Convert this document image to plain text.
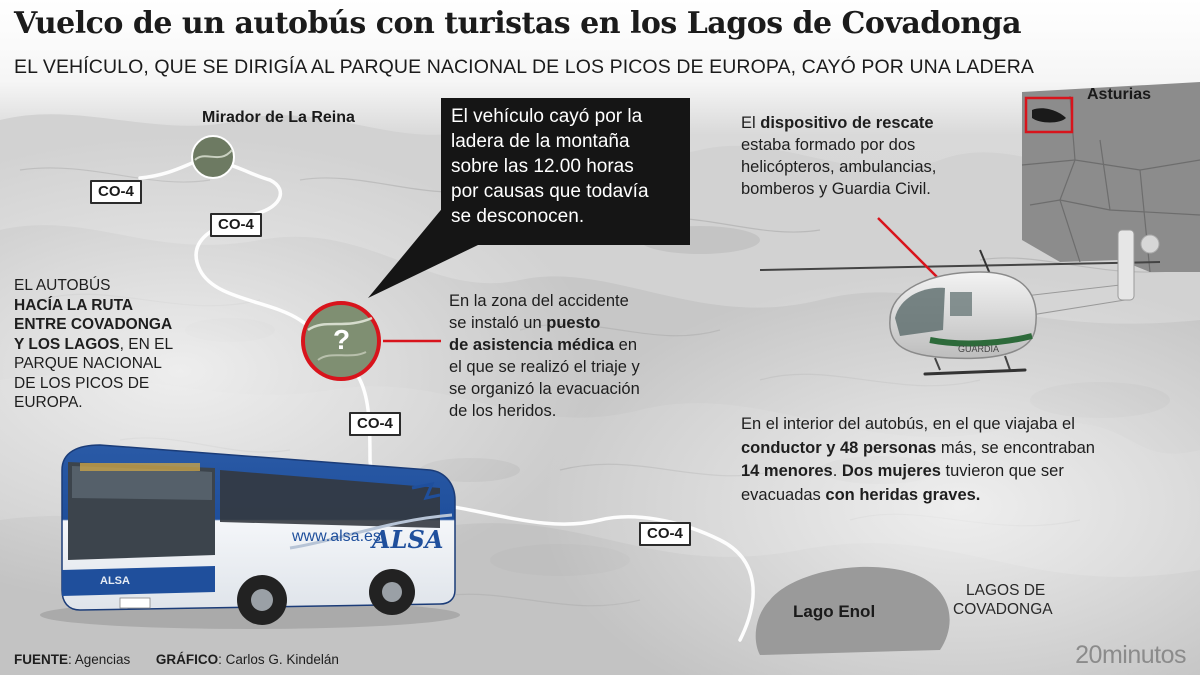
GUARDIA
ALSA
www.alsa.es
ALSA
Vuelco de un autobús con turistas en los Lagos de Covadonga
EL VEHÍCULO, QUE SE DIRIGÍA AL PARQUE NACIONAL DE LOS PICOS DE EUROPA, CAYÓ POR UNA LADERA
Mirador de La Reina
CO-4
CO-4
CO-4
CO-4
?
Lago Enol
LAGOS DE
COVADONGA
Asturias
El vehículo cayó por la
ladera de la montaña
sobre las 12.00 horas
por causas que todavía
se desconocen.
EL AUTOBÚS
HACÍA LA RUTA
ENTRE COVADONGA
Y LOS LAGOS, EN EL
PARQUE NACIONAL
DE LOS PICOS DE
EUROPA.
En la zona del accidente
se instaló un puesto
de asistencia médica en
el que se realizó el triaje y
se organizó la evacuación
de los heridos.
El dispositivo de rescate
estaba formado por dos
helicópteros, ambulancias,
bomberos y Guardia Civil.
En el interior del autobús, en el que viajaba el
conductor y 48 personas más, se encontraban
14 menores. Dos mujeres tuvieron que ser
evacuadas con heridas graves.
FUENTE: Agencias GRÁFICO: Carlos G. Kindelán	20minutos
